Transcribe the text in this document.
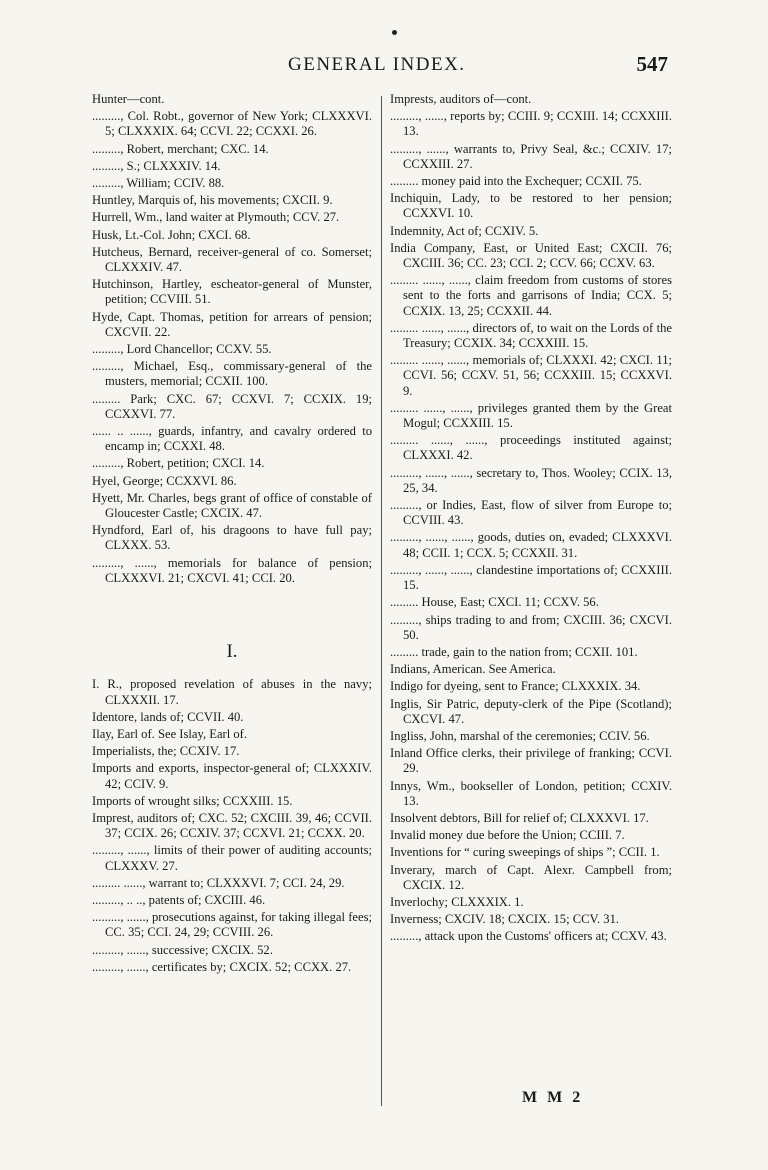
GENERAL INDEX.	547
Hunter—cont.
........., Col. Robt., governor of New York; CLXXXVI. 5; CLXXXIX. 64; CCVI. 22; CCXXI. 26.
........., Robert, merchant; CXC. 14.
........., S.; CLXXXIV. 14.
........., William; CCIV. 88.
Huntley, Marquis of, his movements; CXCII. 9.
Hurrell, Wm., land waiter at Plymouth; CCV. 27.
Husk, Lt.-Col. John; CXCI. 68.
Hutcheus, Bernard, receiver-general of co. Somerset; CLXXXIV. 47.
Hutchinson, Hartley, escheator-general of Munster, petition; CCVIII. 51.
Hyde, Capt. Thomas, petition for arrears of pension; CXCVII. 22.
........., Lord Chancellor; CCXV. 55.
........., Michael, Esq., commissary-general of the musters, memorial; CCXII. 100.
......... Park; CXC. 67; CCXVI. 7; CCXIX. 19; CCXXVI. 77.
...... .. ......, guards, infantry, and cavalry ordered to encamp in; CCXXI. 48.
........., Robert, petition; CXCI. 14.
Hyel, George; CCXXVI. 86.
Hyett, Mr. Charles, begs grant of office of constable of Gloucester Castle; CXCIX. 47.
Hyndford, Earl of, his dragoons to have full pay; CLXXX. 53.
........., ......, memorials for balance of pension; CLXXXVI. 21; CXCVI. 41; CCI. 20.
I.
I. R., proposed revelation of abuses in the navy; CLXXXII. 17.
Identore, lands of; CCVII. 40.
Ilay, Earl of. See Islay, Earl of.
Imperialists, the; CCXIV. 17.
Imports and exports, inspector-general of; CLXXXIV. 42; CCIV. 9.
Imports of wrought silks; CCXXIII. 15.
Imprest, auditors of; CXC. 52; CXCIII. 39, 46; CCVII. 37; CCIX. 26; CCXIV. 37; CCXVI. 21; CCXX. 20.
........., ......, limits of their power of auditing accounts; CLXXXV. 27.
......... ......, warrant to; CLXXXVI. 7; CCI. 24, 29.
........., .. .., patents of; CXCIII. 46.
........., ......, prosecutions against, for taking illegal fees; CC. 35; CCI. 24, 29; CCVIII. 26.
........., ......, successive; CXCIX. 52.
........., ......, certificates by; CXCIX. 52; CCXX. 27.
Imprests, auditors of—cont.
........., ......, reports by; CCIII. 9; CCXIII. 14; CCXXIII. 13.
........., ......, warrants to, Privy Seal, &c.; CCXIV. 17; CCXXIII. 27.
......... money paid into the Exchequer; CCXII. 75.
Inchiquin, Lady, to be restored to her pension; CCXXVI. 10.
Indemnity, Act of; CCXIV. 5.
India Company, East, or United East; CXCII. 76; CXCIII. 36; CC. 23; CCI. 2; CCV. 66; CCXV. 63.
......... ......, ......, claim freedom from customs of stores sent to the forts and garrisons of India; CCX. 5; CCXIX. 13, 25; CCXXII. 44.
......... ......, ......, directors of, to wait on the Lords of the Treasury; CCXIX. 34; CCXXIII. 15.
......... ......, ......, memorials of; CLXXXI. 42; CXCI. 11; CCVI. 56; CCXV. 51, 56; CCXXIII. 15; CCXXVI. 9.
......... ......, ......, privileges granted them by the Great Mogul; CCXXIII. 15.
......... ......, ......, proceedings instituted against; CLXXXI. 42.
........., ......, ......, secretary to, Thos. Wooley; CCIX. 13, 25, 34.
........., or Indies, East, flow of silver from Europe to; CCVIII. 43.
........., ......, ......, goods, duties on, evaded; CLXXXVI. 48; CCII. 1; CCX. 5; CCXXII. 31.
........., ......, ......, clandestine importations of; CCXXIII. 15.
......... House, East; CXCI. 11; CCXV. 56.
........., ships trading to and from; CXCIII. 36; CXCVI. 50.
......... trade, gain to the nation from; CCXII. 101.
Indians, American. See America.
Indigo for dyeing, sent to France; CLXXXIX. 34.
Inglis, Sir Patric, deputy-clerk of the Pipe (Scotland); CXCVI. 47.
Ingliss, John, marshal of the ceremonies; CCIV. 56.
Inland Office clerks, their privilege of franking; CCVI. 29.
Innys, Wm., bookseller of London, petition; CCXIV. 13.
Insolvent debtors, Bill for relief of; CLXXXVI. 17.
Invalid money due before the Union; CCIII. 7.
Inventions for “ curing sweepings of ships ”; CCII. 1.
Inverary, march of Capt. Alexr. Campbell from; CXCIX. 12.
Inverlochy; CLXXXIX. 1.
Inverness; CXCIV. 18; CXCIX. 15; CCV. 31.
........., attack upon the Customs' officers at; CCXV. 43.
M M 2
